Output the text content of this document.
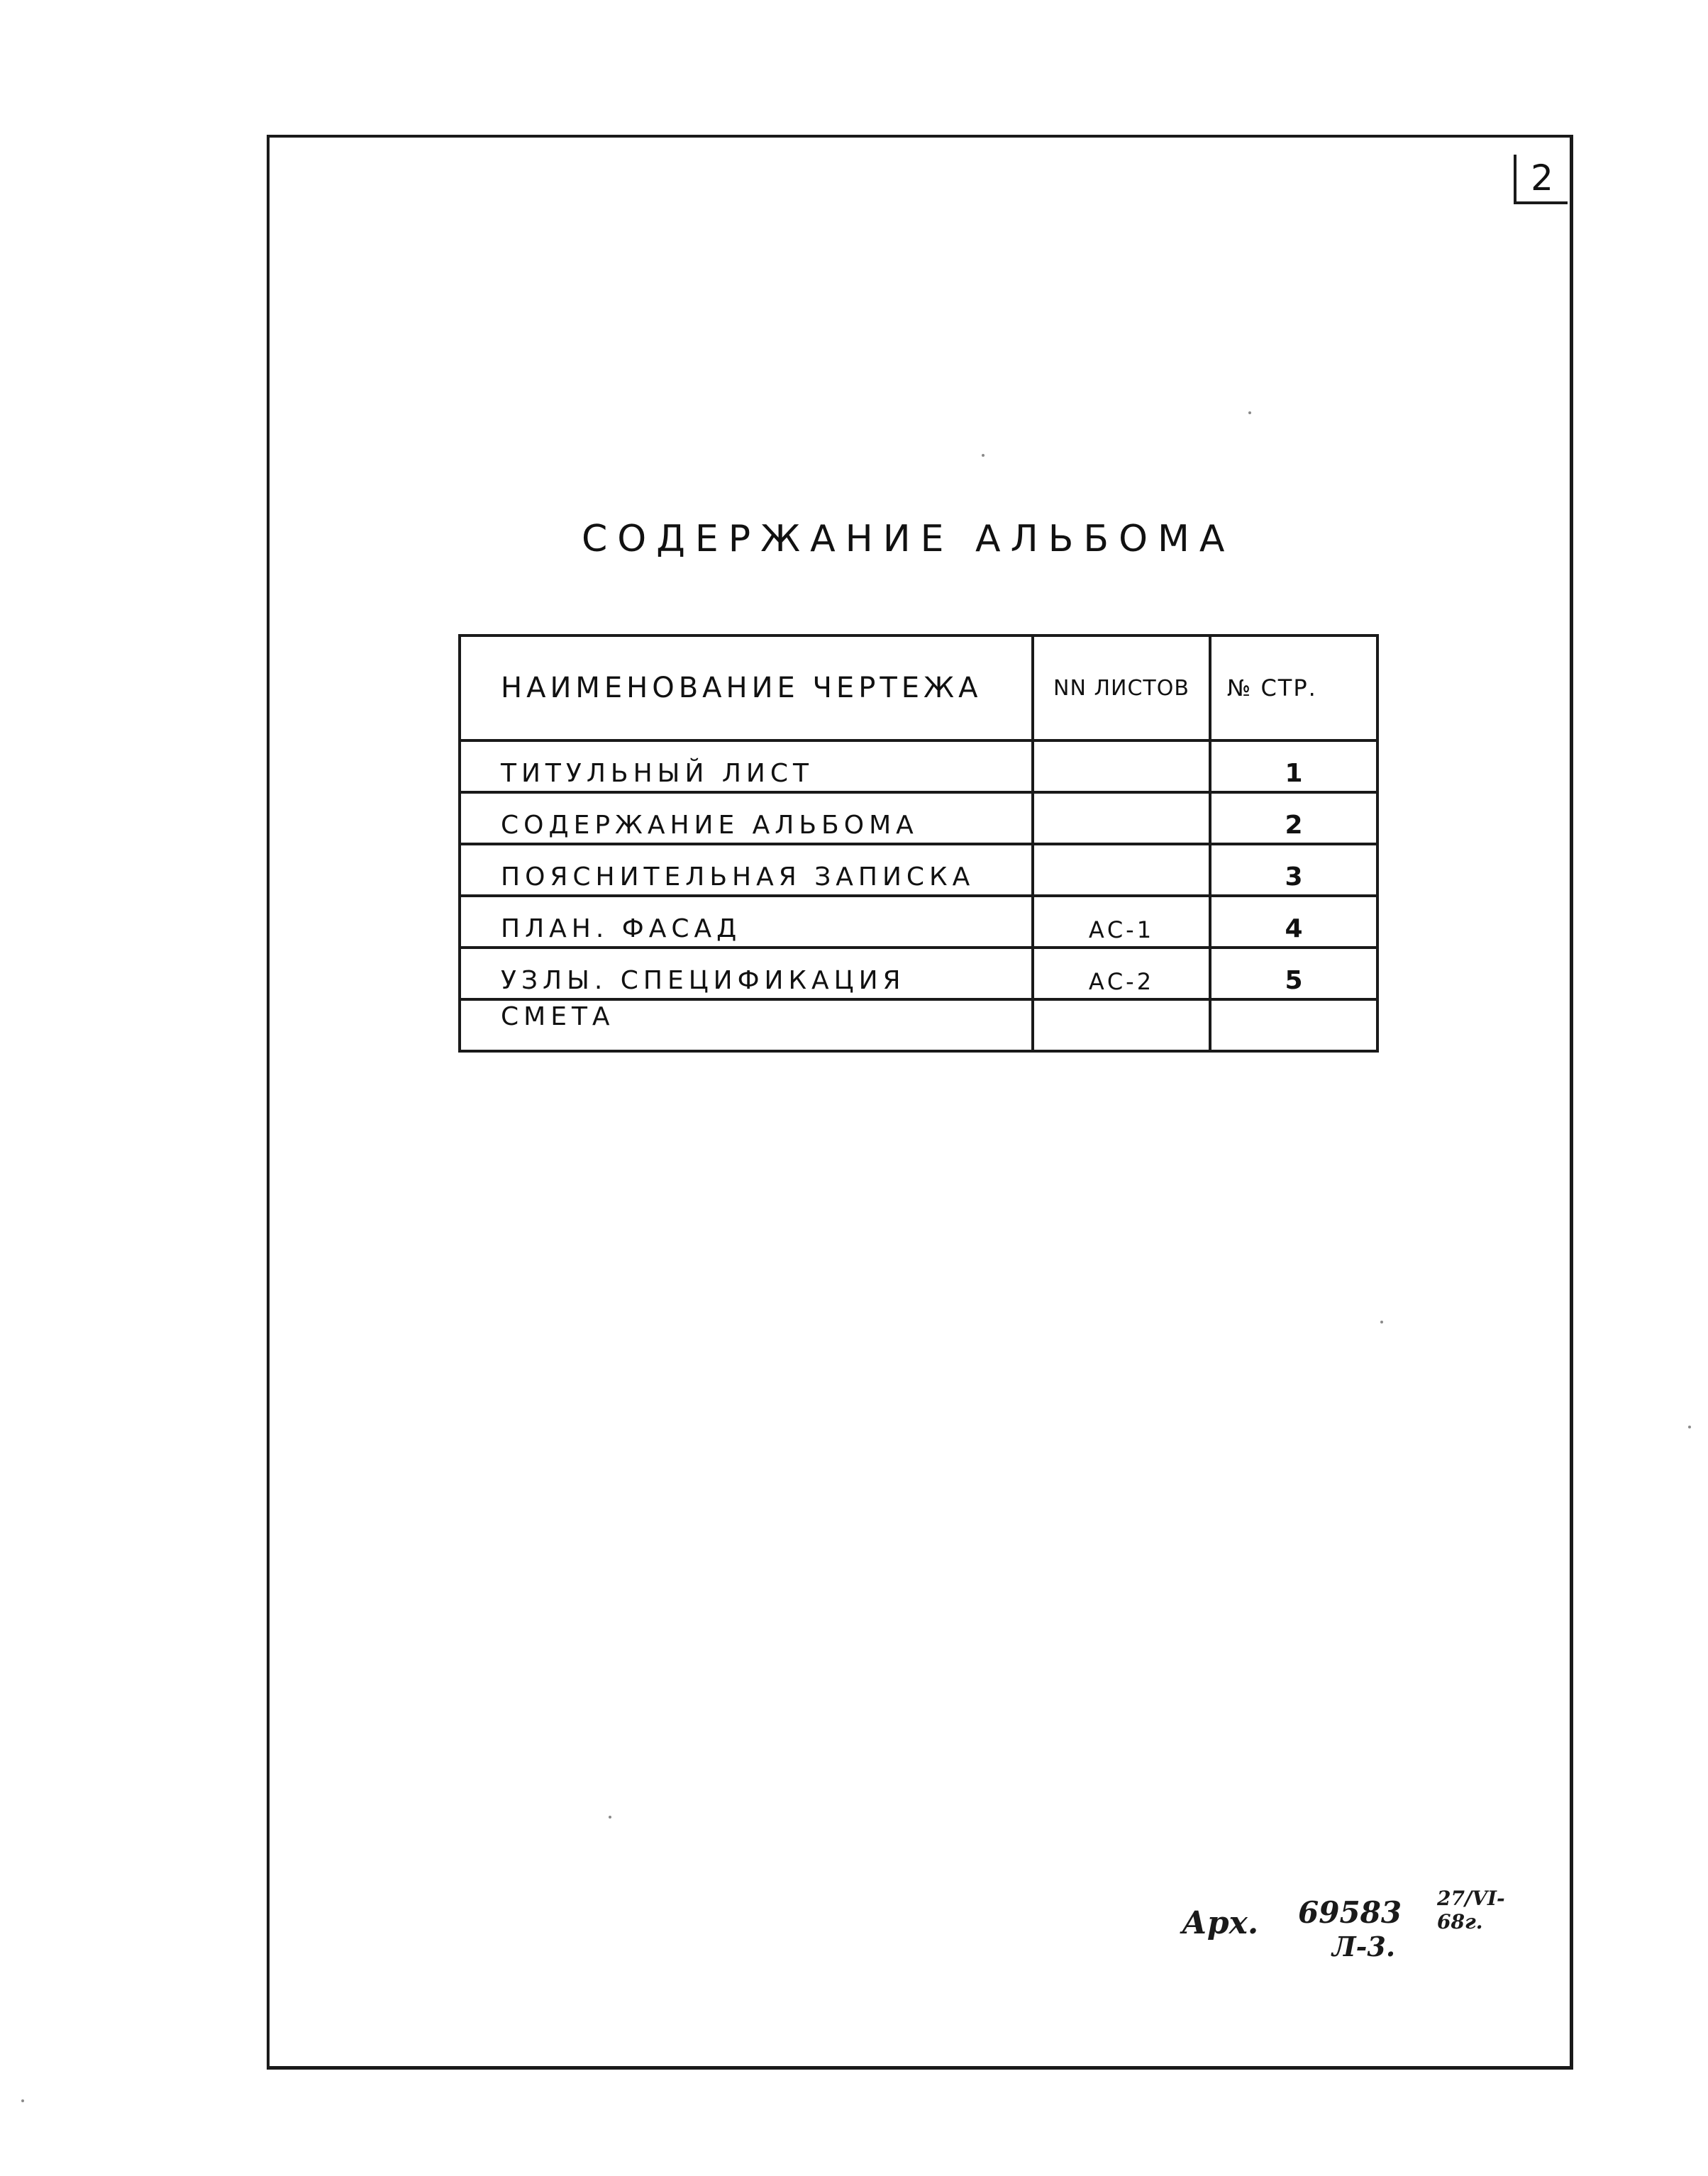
2
СОДЕРЖАНИЕ АЛЬБОМА
НАИМЕНОВАНИЕ ЧЕРТЕЖА	NN ЛИСТОВ	№ СТР.
ТИТУЛЬНЫЙ ЛИСТ		1
СОДЕРЖАНИЕ АЛЬБОМА		2
ПОЯСНИТЕЛЬНАЯ ЗАПИСКА		3
ПЛАН. ФАСАД	АС-1	4
УЗЛЫ. СПЕЦИФИКАЦИЯ	АС-2	5
СМЕТА		
Арх. 69583 27/VI-68г.
Л-3.
